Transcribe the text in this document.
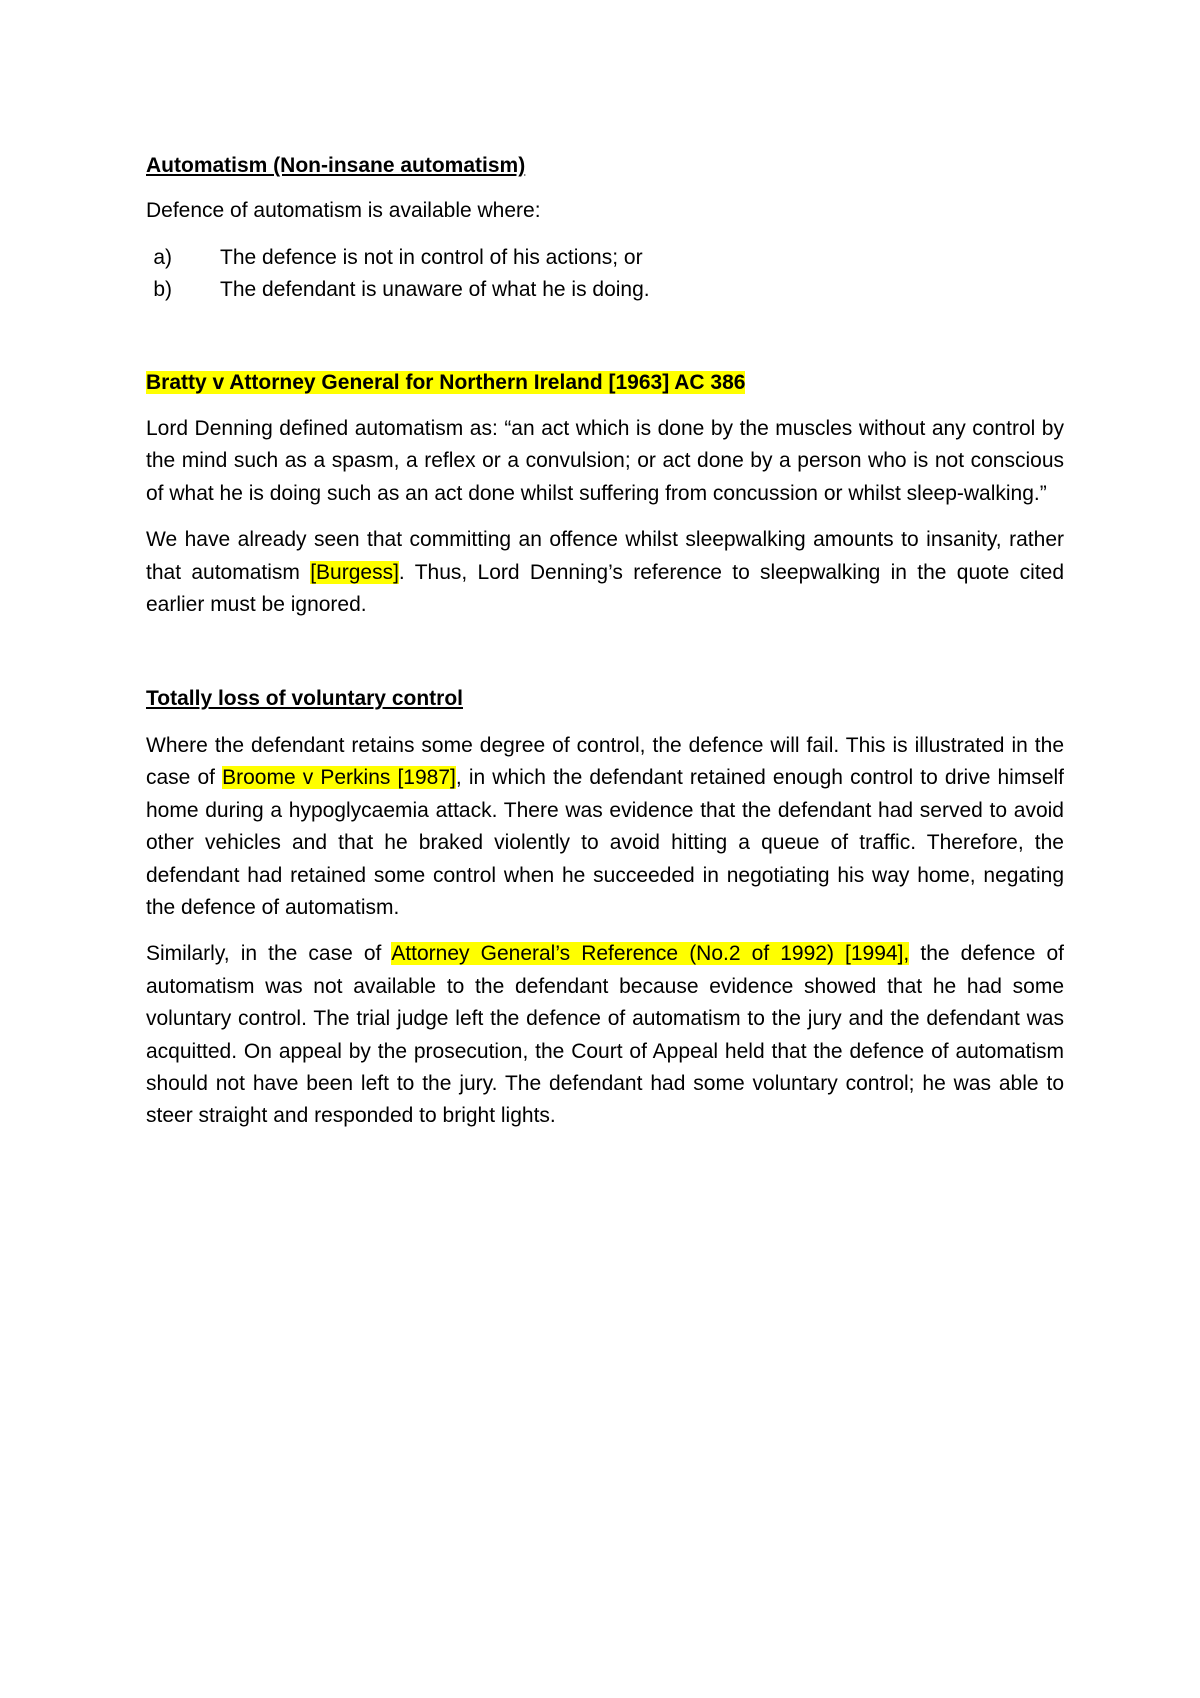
Automatism (Non-insane automatism)

Defence of automatism is available where:

a)	The defence is not in control of his actions; or
b)	The defendant is unaware of what he is doing.

Bratty v Attorney General for Northern Ireland [1963] AC 386

Lord Denning defined automatism as: “an act which is done by the muscles without any control by the mind such as a spasm, a reflex or a convulsion; or act done by a person who is not conscious of what he is doing such as an act done whilst suffering from concussion or whilst sleep-walking.”

We have already seen that committing an offence whilst sleepwalking amounts to insanity, rather that automatism [Burgess]. Thus, Lord Denning’s reference to sleepwalking in the quote cited earlier must be ignored.

Totally loss of voluntary control

Where the defendant retains some degree of control, the defence will fail. This is illustrated in the case of Broome v Perkins [1987], in which the defendant retained enough control to drive himself home during a hypoglycaemia attack. There was evidence that the defendant had served to avoid other vehicles and that he braked violently to avoid hitting a queue of traffic. Therefore, the defendant had retained some control when he succeeded in negotiating his way home, negating the defence of automatism.

Similarly, in the case of Attorney General’s Reference (No.2 of 1992) [1994], the defence of automatism was not available to the defendant because evidence showed that he had some voluntary control. The trial judge left the defence of automatism to the jury and the defendant was acquitted. On appeal by the prosecution, the Court of Appeal held that the defence of automatism should not have been left to the jury. The defendant had some voluntary control; he was able to steer straight and responded to bright lights.
